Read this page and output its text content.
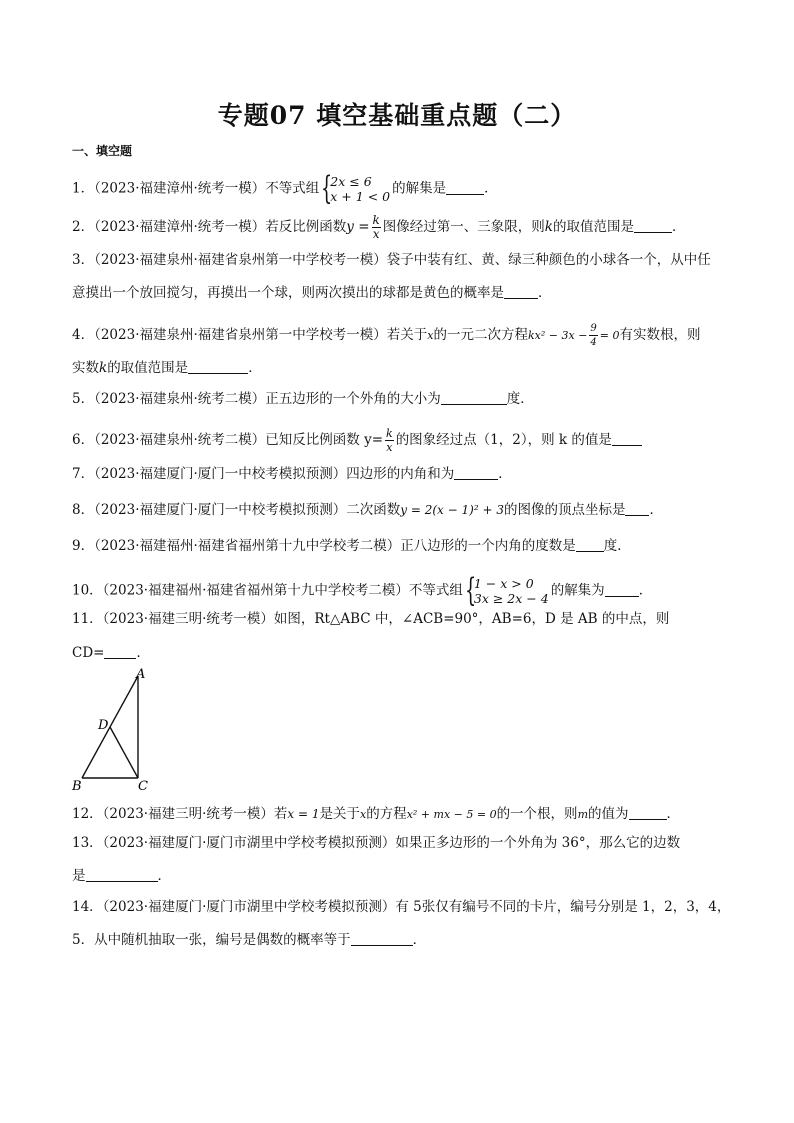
专题07 填空基础重点题（二）
一、填空题
1．（2023·福建漳州·统考一模）不等式组 {
2x ≤ 6
x + 1 < 0 的解集是	．
2．（2023·福建漳州·统考一模）若反比例函数$y = \frac{k}{x}$ 图像经过第一、三象限，则k的取值范围是	．
3．（2023·福建泉州·福建省泉州第一中学校考一模）袋子中装有红、黄、绿三种颜色的小球各一个，从中任
意摸出一个放回搅匀，再摸出一个球，则两次摸出的球都是黄色的概率是	．
4．（2023·福建泉州·福建省泉州第一中学校考一模）若关于x的一元二次方程$kx^2 - 3x - \frac{9}{4} = 0$有实数根，则
实数k的取值范围是	．
5．（2023·福建泉州·统考二模）正五边形的一个外角的大小为	度．
6．（2023·福建泉州·统考二模）已知反比例函数 $y= \frac{k}{x}$ 的图象经过点（1，2），则 k 的值是
7．（2023·福建厦门·厦门一中校考模拟预测）四边形的内角和为	．
8．（2023·福建厦门·厦门一中校考模拟预测）二次函数y = 2(x − 1)² + 3的图像的顶点坐标是 ．
9．（2023·福建福州·福建省福州第十九中学校考二模）正八边形的一个内角的度数是 度．
10．（2023·福建福州·福建省福州第十九中学校考二模）不等式组 {
1 − x > 0
3x ≥ 2x − 4 的解集为	．
11．（2023·福建三明·统考一模）如图，Rt△ABC 中，∠ACB=90°，AB=6，D 是 AB 的中点，则
CD= ．
A
D
B	C
12．（2023·福建三明·统考一模）若x = 1是关于x的方程x² + mx − 5 = 0的一个根，则m的值为	．
13．（2023·福建厦门·厦门市湖里中学校考模拟预测）如果正多边形的一个外角为 36°，那么它的边数
是	．
14．（2023·福建厦门·厦门市湖里中学校考模拟预测）有 5张仅有编号不同的卡片，编号分别是 1，2，3，4，
5．从中随机抽取一张，编号是偶数的概率等于	．
